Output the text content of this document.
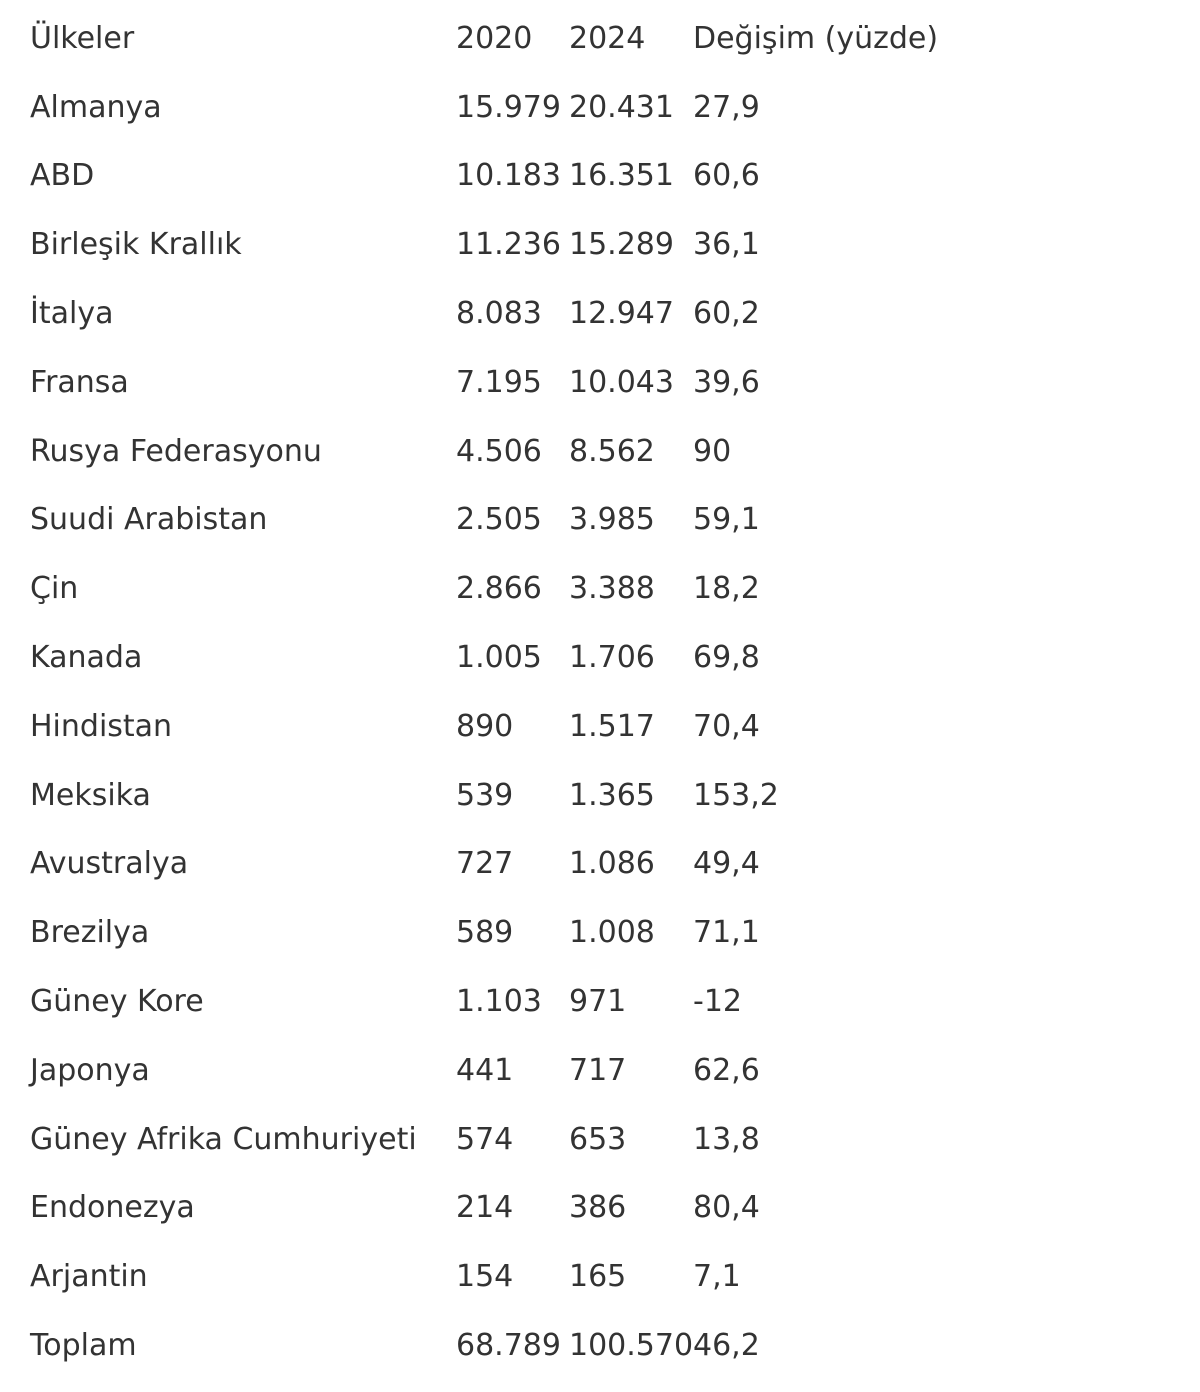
Ülkeler	2020	2024	Değişim (yüzde)
Almanya	15.979 20.431 27,9
ABD	10.183 16.351 60,6
Birleşik Krallık	11.236 15.289 36,1
İtalya	8.083 12.947 60,2
Fransa	7.195 10.043 39,6
Rusya Federasyonu	4.506 8.562	90
Suudi Arabistan	2.505 3.985	59,1
Çin	2.866 3.388	18,2
Kanada	1.005 1.706	69,8
Hindistan	890	1.517	70,4
Meksika	539	1.365	153,2
Avustralya	727	1.086	49,4
Brezilya	589	1.008	71,1
Güney Kore	1.103 971	-12
Japonya	441	717	62,6
Güney Afrika Cumhuriyeti	574	653	13,8
Endonezya	214	386	80,4
Arjantin	154	165	7,1
Toplam	68.789 100.570 46,2
